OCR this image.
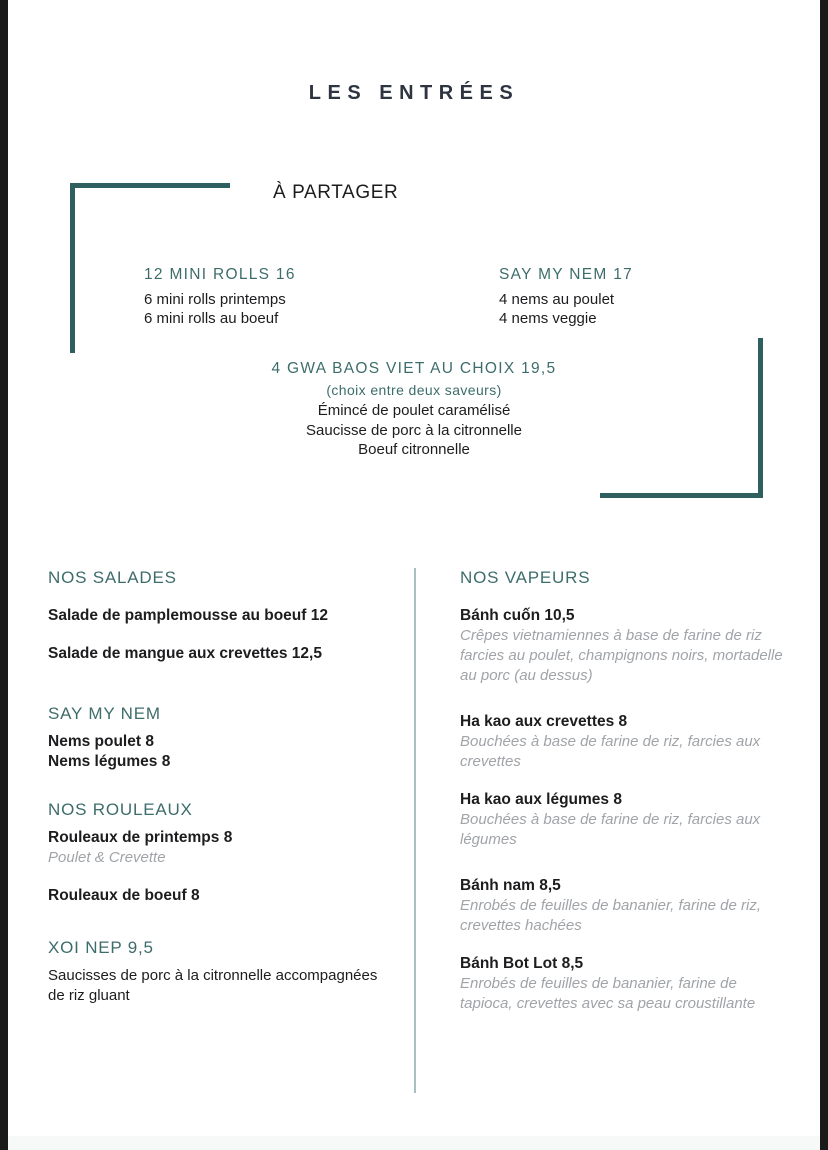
LES ENTRÉES
À PARTAGER
12 MINI ROLLS 16
6 mini rolls printemps
6 mini rolls au boeuf
SAY MY NEM 17
4 nems au poulet
4 nems veggie
4 GWA BAOS VIET AU CHOIX 19,5
(choix entre deux saveurs)
Émincé de poulet caramélisé
Saucisse de porc à la citronnelle
Boeuf citronnelle
NOS SALADES
Salade de pamplemousse au boeuf 12
Salade de mangue aux crevettes 12,5
SAY MY NEM
Nems poulet 8
Nems légumes 8
NOS ROULEAUX
Rouleaux de printemps 8
Poulet & Crevette
Rouleaux de boeuf 8
XOI NEP 9,5
Saucisses de porc à la citronnelle accompagnées de riz gluant
NOS VAPEURS
Bánh cuốn 10,5
Crêpes vietnamiennes à base de farine de riz farcies au poulet, champignons noirs, mortadelle au porc (au dessus)
Ha kao aux crevettes 8
Bouchées à base de farine de riz, farcies aux crevettes
Ha kao aux légumes 8
Bouchées à base de farine de riz, farcies aux légumes
Bánh nam 8,5
Enrobés de feuilles de bananier, farine de riz, crevettes hachées
Bánh Bot Lot 8,5
Enrobés de feuilles de bananier, farine de tapioca, crevettes avec sa peau croustillante
